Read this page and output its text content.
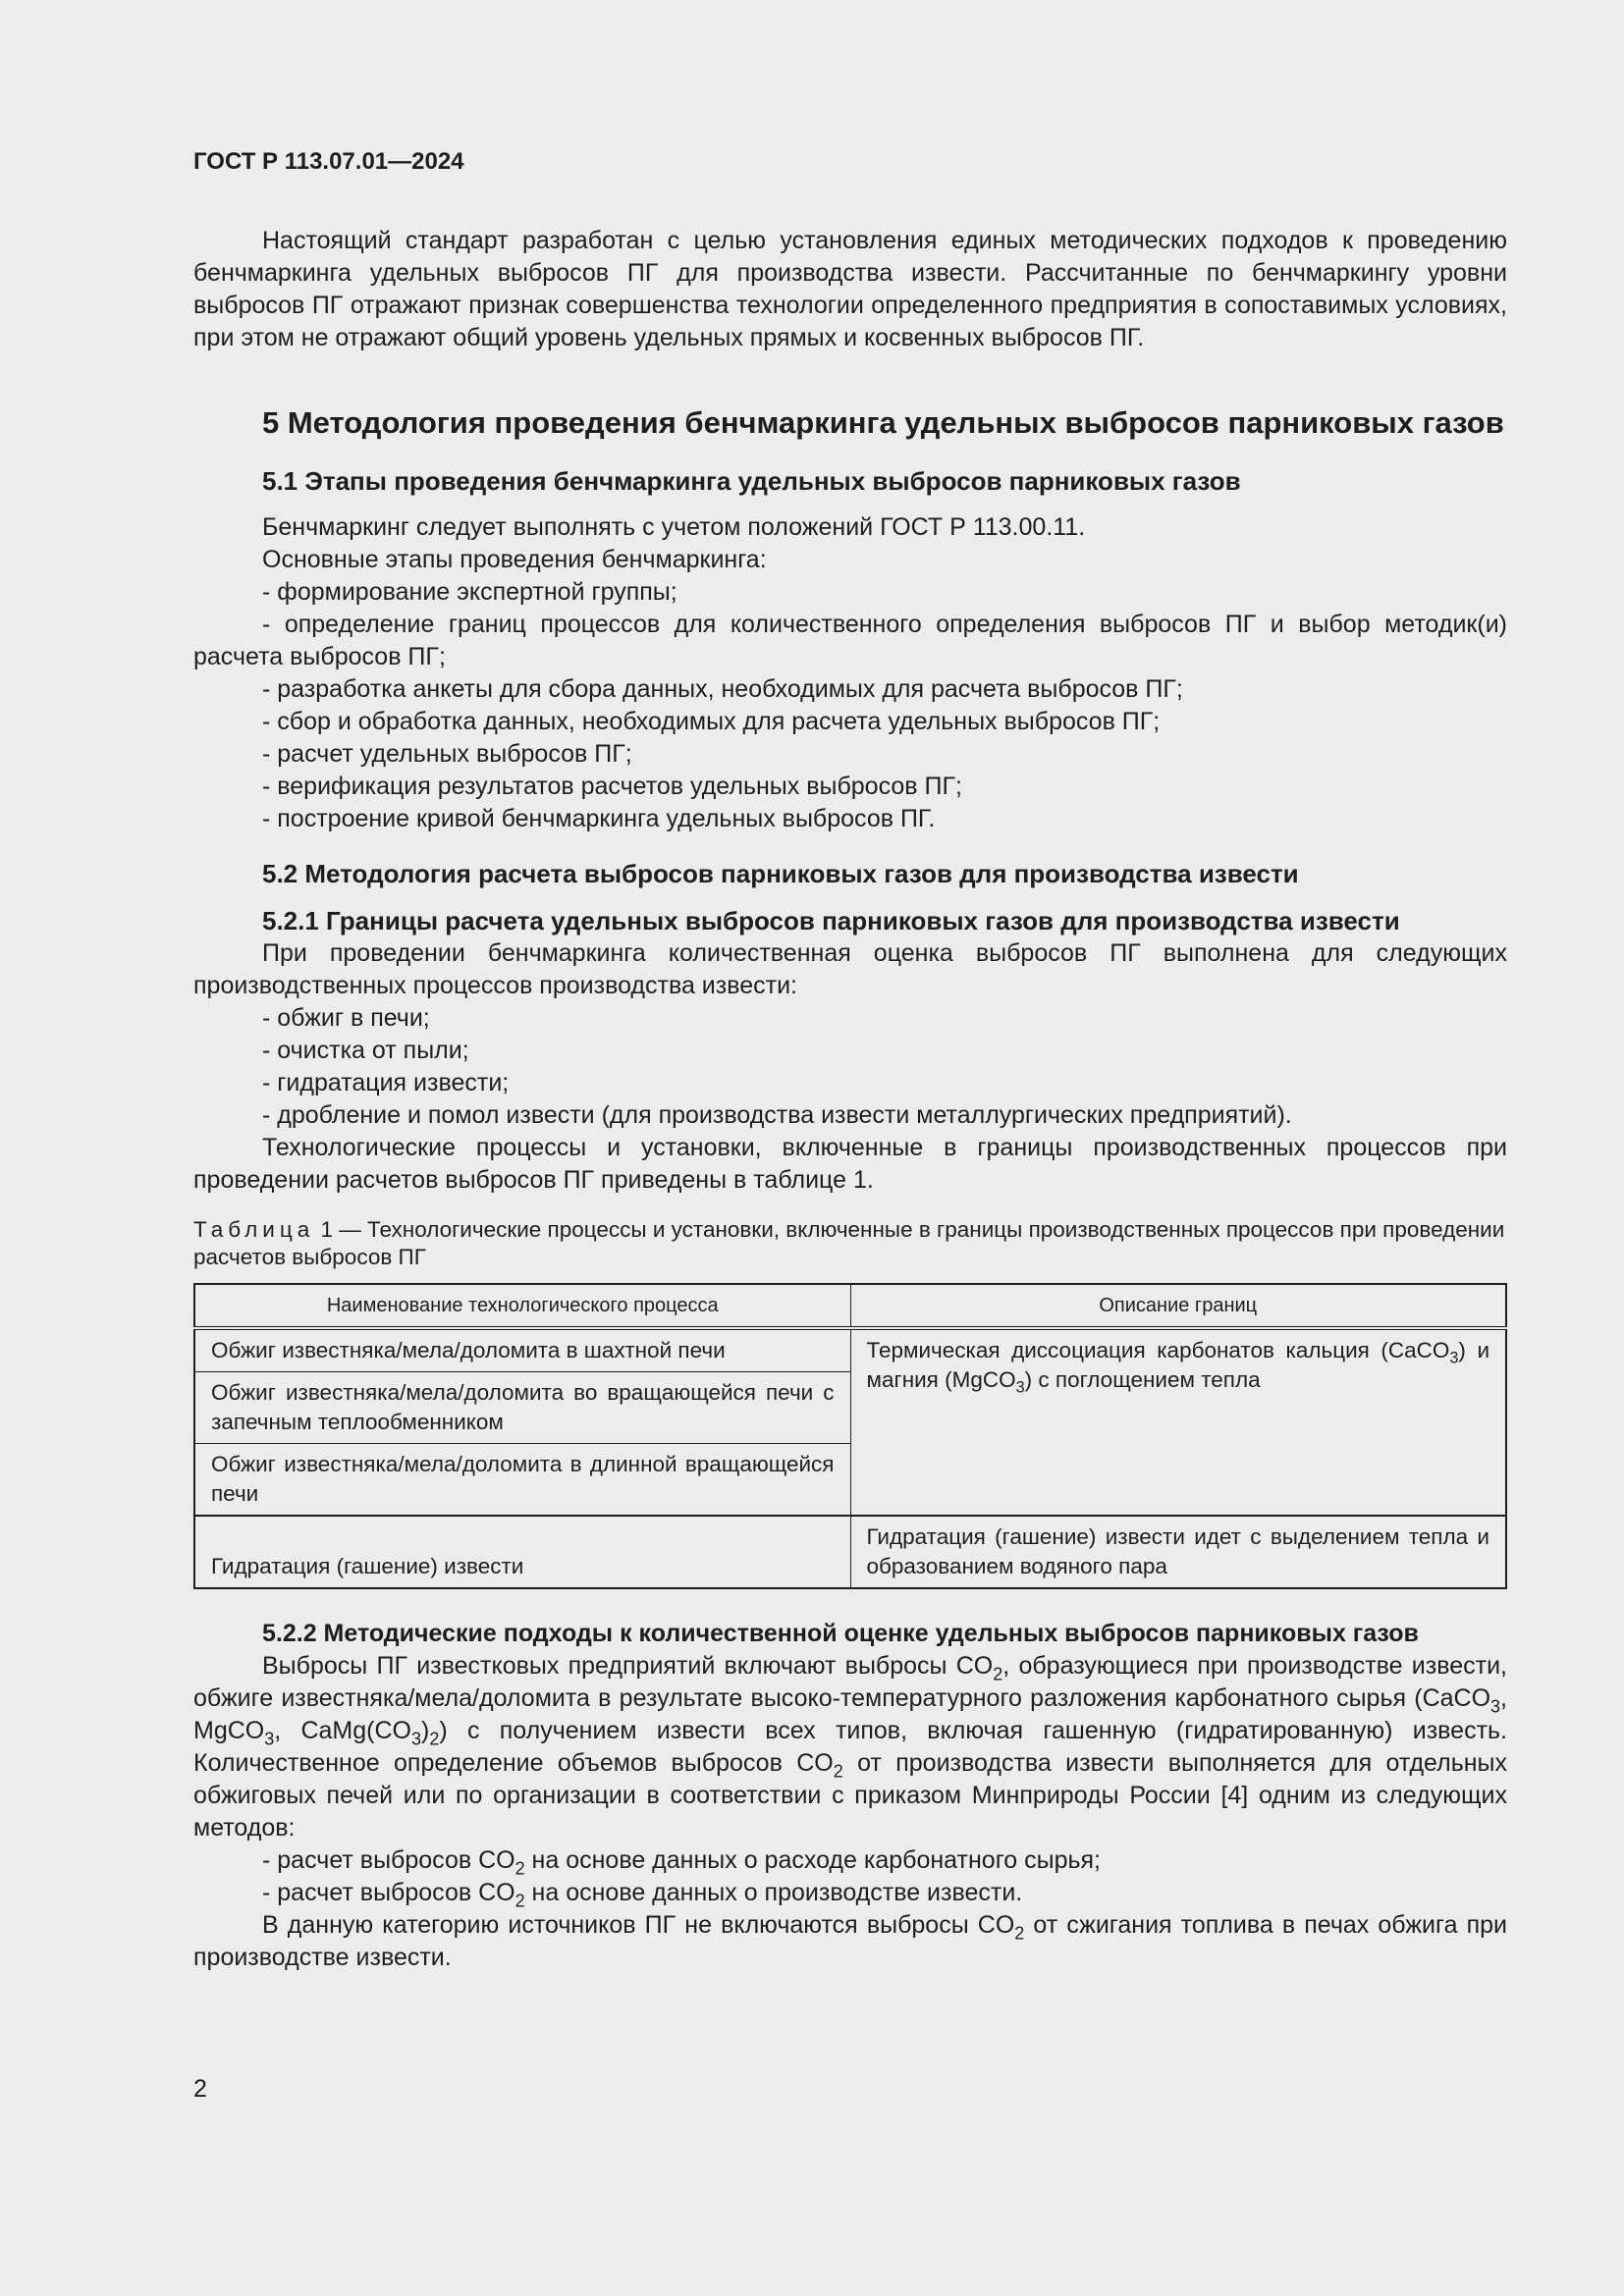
ГОСТ Р 113.07.01—2024

Настоящий стандарт разработан с целью установления единых методических подходов к проведению бенчмаркинга удельных выбросов ПГ для производства извести. Рассчитанные по бенчмаркингу уровни выбросов ПГ отражают признак совершенства технологии определенного предприятия в сопоставимых условиях, при этом не отражают общий уровень удельных прямых и косвенных выбросов ПГ.

5 Методология проведения бенчмаркинга удельных выбросов парниковых газов

5.1 Этапы проведения бенчмаркинга удельных выбросов парниковых газов

Бенчмаркинг следует выполнять с учетом положений ГОСТ Р 113.00.11.

Основные этапы проведения бенчмаркинга:

- формирование экспертной группы;

- определение границ процессов для количественного определения выбросов ПГ и выбор методик(и) расчета выбросов ПГ;

- разработка анкеты для сбора данных, необходимых для расчета выбросов ПГ;

- сбор и обработка данных, необходимых для расчета удельных выбросов ПГ;

- расчет удельных выбросов ПГ;

- верификация результатов расчетов удельных выбросов ПГ;

- построение кривой бенчмаркинга удельных выбросов ПГ.

5.2 Методология расчета выбросов парниковых газов для производства извести

5.2.1 Границы расчета удельных выбросов парниковых газов для производства извести

При проведении бенчмаркинга количественная оценка выбросов ПГ выполнена для следующих производственных процессов производства извести:

- обжиг в печи;

- очистка от пыли;

- гидратация извести;

- дробление и помол извести (для производства извести металлургических предприятий).

Технологические процессы и установки, включенные в границы производственных процессов при проведении расчетов выбросов ПГ приведены в таблице 1.

Таблица 1 — Технологические процессы и установки, включенные в границы производственных процессов при проведении расчетов выбросов ПГ

Наименование технологического процесса	Описание границ
Обжиг известняка/мела/доломита в шахтной печи	Термическая диссоциация карбонатов кальция (CaCO$_3$) и магния (MgCO$_3$) с поглощением тепла
Обжиг известняка/мела/доломита во вращающейся печи с запечным теплообменником	
Обжиг известняка/мела/доломита в длинной вращающейся печи	
Гидратация (гашение) извести	Гидратация (гашение) извести идет с выделением тепла и образованием водяного пара

5.2.2 Методические подходы к количественной оценке удельных выбросов парниковых газов

Выбросы ПГ известковых предприятий включают выбросы $CO_2$, образующиеся при производстве извести, обжиге известняка/мела/доломита в результате высоко-температурного разложения карбонатного сырья (CaCO$_3$, MgCO$_3$, $CaMg(CO_3)_2$) с получением извести всех типов, включая гашенную (гидратированную) известь. Количественное определение объемов выбросов $CO_2$ от производства извести выполняется для отдельных обжиговых печей или по организации в соответствии с приказом Минприроды России [4] одним из следующих методов:

- расчет выбросов $CO_2$ на основе данных о расходе карбонатного сырья;

- расчет выбросов $CO_2$ на основе данных о производстве извести.

В данную категорию источников ПГ не включаются выбросы $CO_2$ от сжигания топлива в печах обжига при производстве извести.

2
